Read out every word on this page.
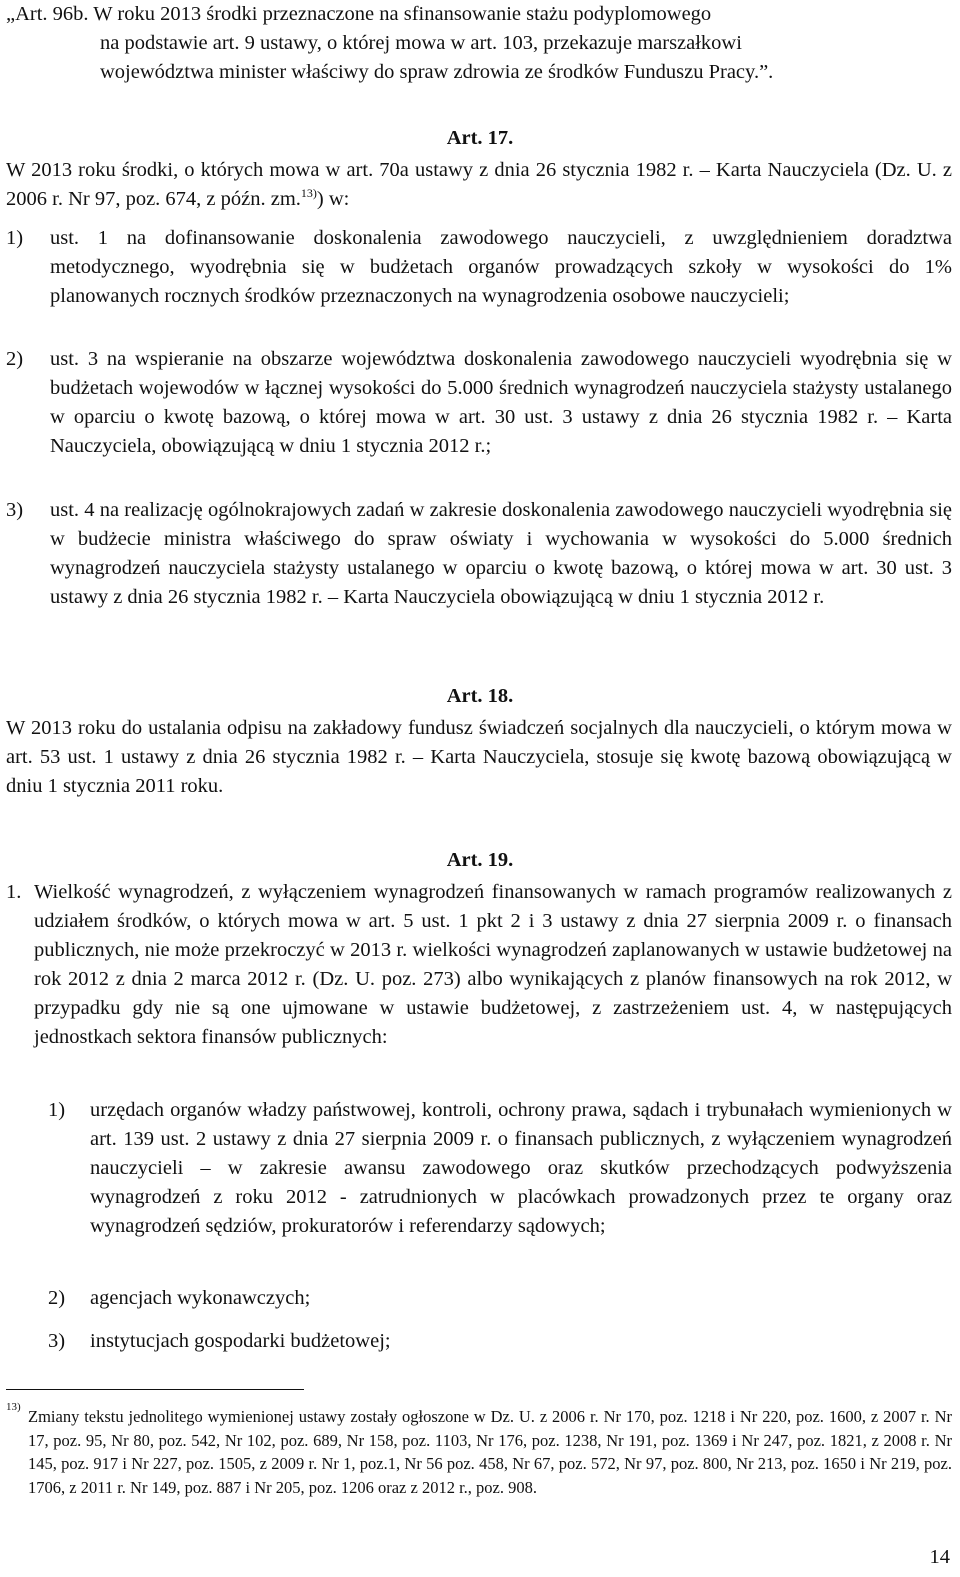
„Art. 96b. W roku 2013 środki przeznaczone na sfinansowanie stażu podyplomowego

na podstawie art. 9 ustawy, o której mowa w art. 103, przekazuje marszałkowi

województwa minister właściwy do spraw zdrowia ze środków Funduszu Pracy.”.

Art. 17.

W 2013 roku środki, o których mowa w art. 70a ustawy z dnia 26 stycznia 1982 r. – Karta Nauczyciela (Dz. U. z 2006 r. Nr 97, poz. 674, z późn. zm.$^{13)}$) w:

1)	ust. 1 na dofinansowanie doskonalenia zawodowego nauczycieli, z uwzględnieniem doradztwa metodycznego, wyodrębnia się w budżetach organów prowadzących szkoły w wysokości do 1% planowanych rocznych środków przeznaczonych na wynagrodzenia osobowe nauczycieli;

2)	ust. 3 na wspieranie na obszarze województwa doskonalenia zawodowego nauczycieli wyodrębnia się w budżetach wojewodów w łącznej wysokości do 5.000 średnich wynagrodzeń nauczyciela stażysty ustalanego w oparciu o kwotę bazową, o której mowa w art. 30 ust. 3 ustawy z dnia 26 stycznia 1982 r. – Karta Nauczyciela, obowiązującą w dniu 1 stycznia 2012 r.;

3)	ust. 4 na realizację ogólnokrajowych zadań w zakresie doskonalenia zawodowego nauczycieli wyodrębnia się w budżecie ministra właściwego do spraw oświaty i wychowania w wysokości do 5.000 średnich wynagrodzeń nauczyciela stażysty ustalanego w oparciu o kwotę bazową, o której mowa w art. 30 ust. 3 ustawy z dnia 26 stycznia 1982 r. – Karta Nauczyciela obowiązującą w dniu 1 stycznia 2012 r.

Art. 18.

W 2013 roku do ustalania odpisu na zakładowy fundusz świadczeń socjalnych dla nauczycieli, o którym mowa w art. 53 ust. 1 ustawy z dnia 26 stycznia 1982 r. – Karta Nauczyciela, stosuje się kwotę bazową obowiązującą w dniu 1 stycznia 2011 roku.

Art. 19.

1. Wielkość wynagrodzeń, z wyłączeniem wynagrodzeń finansowanych w ramach programów realizowanych z udziałem środków, o których mowa w art. 5 ust. 1 pkt 2 i 3 ustawy z dnia 27 sierpnia 2009 r. o finansach publicznych, nie może przekroczyć w 2013 r. wielkości wynagrodzeń zaplanowanych w ustawie budżetowej na rok 2012 z dnia 2 marca 2012 r. (Dz. U. poz. 273) albo wynikających z planów finansowych na rok 2012, w przypadku gdy nie są one ujmowane w ustawie budżetowej, z zastrzeżeniem ust. 4, w następujących jednostkach sektora finansów publicznych:

1)	urzędach organów władzy państwowej, kontroli, ochrony prawa, sądach i trybunałach wymienionych w art. 139 ust. 2 ustawy z dnia 27 sierpnia 2009 r. o finansach publicznych, z wyłączeniem wynagrodzeń nauczycieli – w zakresie awansu zawodowego oraz skutków przechodzących podwyższenia wynagrodzeń z roku 2012 - zatrudnionych w placówkach prowadzonych przez te organy oraz wynagrodzeń sędziów, prokuratorów i referendarzy sądowych;

2)	agencjach wykonawczych;

3)	instytucjach gospodarki budżetowej;

13) Zmiany tekstu jednolitego wymienionej ustawy zostały ogłoszone w Dz. U. z 2006 r. Nr 170, poz. 1218 i Nr 220, poz. 1600, z 2007 r. Nr 17, poz. 95, Nr 80, poz. 542, Nr 102, poz. 689, Nr 158, poz. 1103, Nr 176, poz. 1238, Nr 191, poz. 1369 i Nr 247, poz. 1821, z 2008 r. Nr 145, poz. 917 i Nr 227, poz. 1505, z 2009 r. Nr 1, poz.1, Nr 56 poz. 458, Nr 67, poz. 572, Nr 97, poz. 800, Nr 213, poz. 1650 i Nr 219, poz. 1706, z 2011 r. Nr 149, poz. 887 i Nr 205, poz. 1206 oraz z 2012 r., poz. 908.

14
